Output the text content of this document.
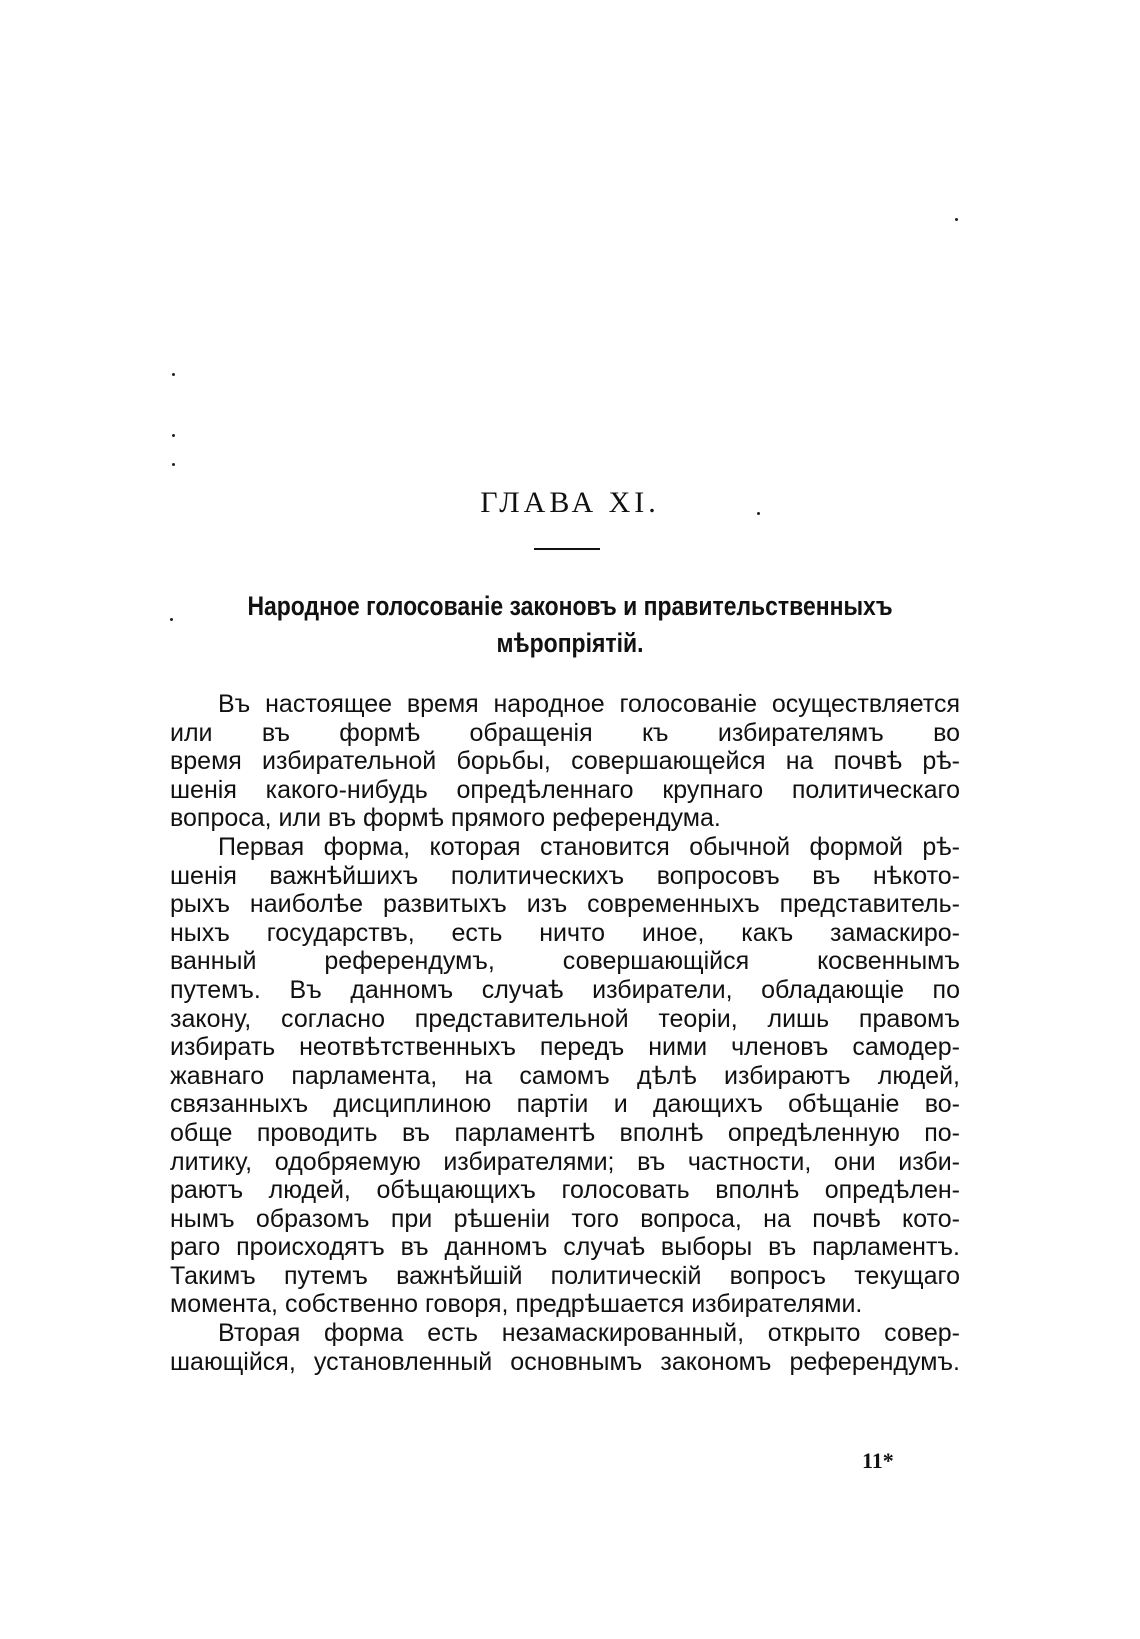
ГЛАВА XI.
Народное голосованіе законовъ и правительственныхъ
мѣропріятій.
Въ настоящее время народное голосованіе осуществляется
или въ формѣ обращенія къ избирателямъ во
время избирательной борьбы, совершающейся на почвѣ рѣ-
шенія какого-нибудь опредѣленнаго крупнаго политическаго
вопроса, или въ формѣ прямого референдума.
Первая форма, которая становится обычной формой рѣ-
шенія важнѣйшихъ политическихъ вопросовъ въ нѣкото-
рыхъ наиболѣе развитыхъ изъ современныхъ представитель-
ныхъ государствъ, есть ничто иное, какъ замаскиро-
ванный референдумъ, совершающійся косвеннымъ
путемъ. Въ данномъ случаѣ избиратели, обладающіе по
закону, согласно представительной теоріи, лишь правомъ
избирать неотвѣтственныхъ передъ ними членовъ самодер-
жавнаго парламента, на самомъ дѣлѣ избираютъ людей,
связанныхъ дисциплиною партіи и дающихъ обѣщаніе во-
обще проводить въ парламентѣ вполнѣ опредѣленную по-
литику, одобряемую избирателями; въ частности, они изби-
раютъ людей, обѣщающихъ голосовать вполнѣ опредѣлен-
нымъ образомъ при рѣшеніи того вопроса, на почвѣ кото-
раго происходятъ въ данномъ случаѣ выборы въ парламентъ.
Такимъ путемъ важнѣйшій политическій вопросъ текущаго
момента, собственно говоря, предрѣшается избирателями.
Вторая форма есть незамаскированный, открыто совер-
шающійся, установленный основнымъ закономъ референдумъ.
11*
